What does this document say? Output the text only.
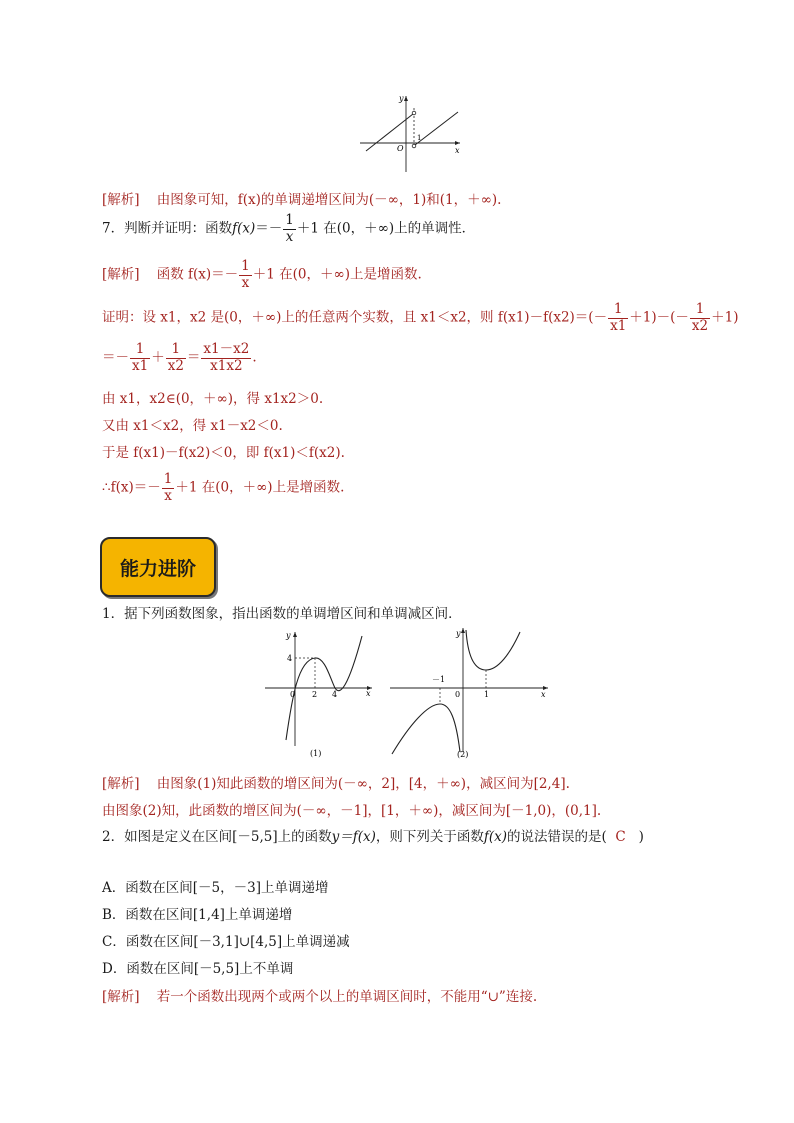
y
x
O
1
[解析] 由图象可知，f(x)的单调递增区间为(－∞，1)和(1，＋∞).
7．判断并证明：函数$f(x)=- \frac{1}{x} +1$ 在(0，＋∞)上的单调性．
[解析] 函数 $f(x)=- \frac{1}{x} +1$ 在(0，＋∞)上是增函数.
证明：设 x1，x2 是(0，＋∞)上的任意两个实数，且 x1＜x2，则 $f(x1)-f(x2)=(- \frac{1}{x1} +1)-(- \frac{1}{x2} +1)$
＝－ $\frac{1}{x1} + \frac{1}{x2} = \frac{x1-x2}{x1x2}$ .
由 x1，x2∈(0，＋∞)，得 x1x2＞0.
又由 x1＜x2，得 x1－x2＜0.
于是 f(x1)－f(x2)＜0，即 f(x1)＜f(x2).
∴f(x)＝－ $\frac{1}{x} +1$ 在(0，＋∞)上是增函数.
能力进阶
1．据下列函数图象，指出函数的单调增区间和单调减区间．
y
x
4
0 2 4
(1)
y
x
－1
0	1
(2)
[解析] 由图象(1)知此函数的增区间为(－∞，2]，[4，＋∞)，减区间为[2,4].
由图象(2)知，此函数的增区间为(－∞，－1]，[1，＋∞)，减区间为[－1,0)，(0,1].
2．如图是定义在区间[－5,5]上的函数y＝f(x)，则下列关于函数f(x)的说法错误的是( C )
A．函数在区间[－5，－3]上单调递增
B．函数在区间[1,4]上单调递增
C．函数在区间[－3,1]∪[4,5]上单调递减
D．函数在区间[－5,5]上不单调
[解析] 若一个函数出现两个或两个以上的单调区间时，不能用“∪”连接.
